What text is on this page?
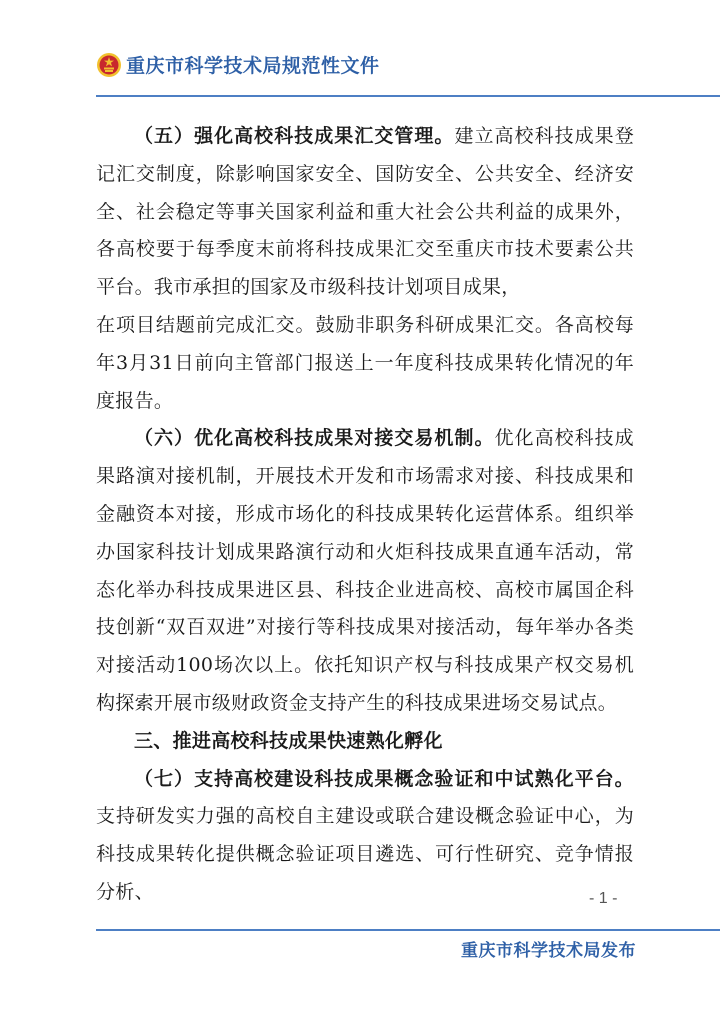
重庆市科学技术局规范性文件

（五）强化高校科技成果汇交管理。建立高校科技成果登记汇交制度，除影响国家安全、国防安全、公共安全、经济安全、社会稳定等事关国家利益和重大社会公共利益的成果外，各高校要于每季度末前将科技成果汇交至重庆市技术要素公共平台。我市承担的国家及市级科技计划项目成果，

在项目结题前完成汇交。鼓励非职务科研成果汇交。各高校每年3月31日前向主管部门报送上一年度科技成果转化情况的年度报告。

（六）优化高校科技成果对接交易机制。优化高校科技成果路演对接机制，开展技术开发和市场需求对接、科技成果和金融资本对接，形成市场化的科技成果转化运营体系。组织举办国家科技计划成果路演行动和火炬科技成果直通车活动，常态化举办科技成果进区县、科技企业进高校、高校市属国企科技创新“双百双进”对接行等科技成果对接活动，每年举办各类对接活动100场次以上。依托知识产权与科技成果产权交易机构探索开展市级财政资金支持产生的科技成果进场交易试点。

三、推进高校科技成果快速熟化孵化

（七）支持高校建设科技成果概念验证和中试熟化平台。支持研发实力强的高校自主建设或联合建设概念验证中心，为科技成果转化提供概念验证项目遴选、可行性研究、竞争情报分析、	- 1 -
重庆市科学技术局发布
